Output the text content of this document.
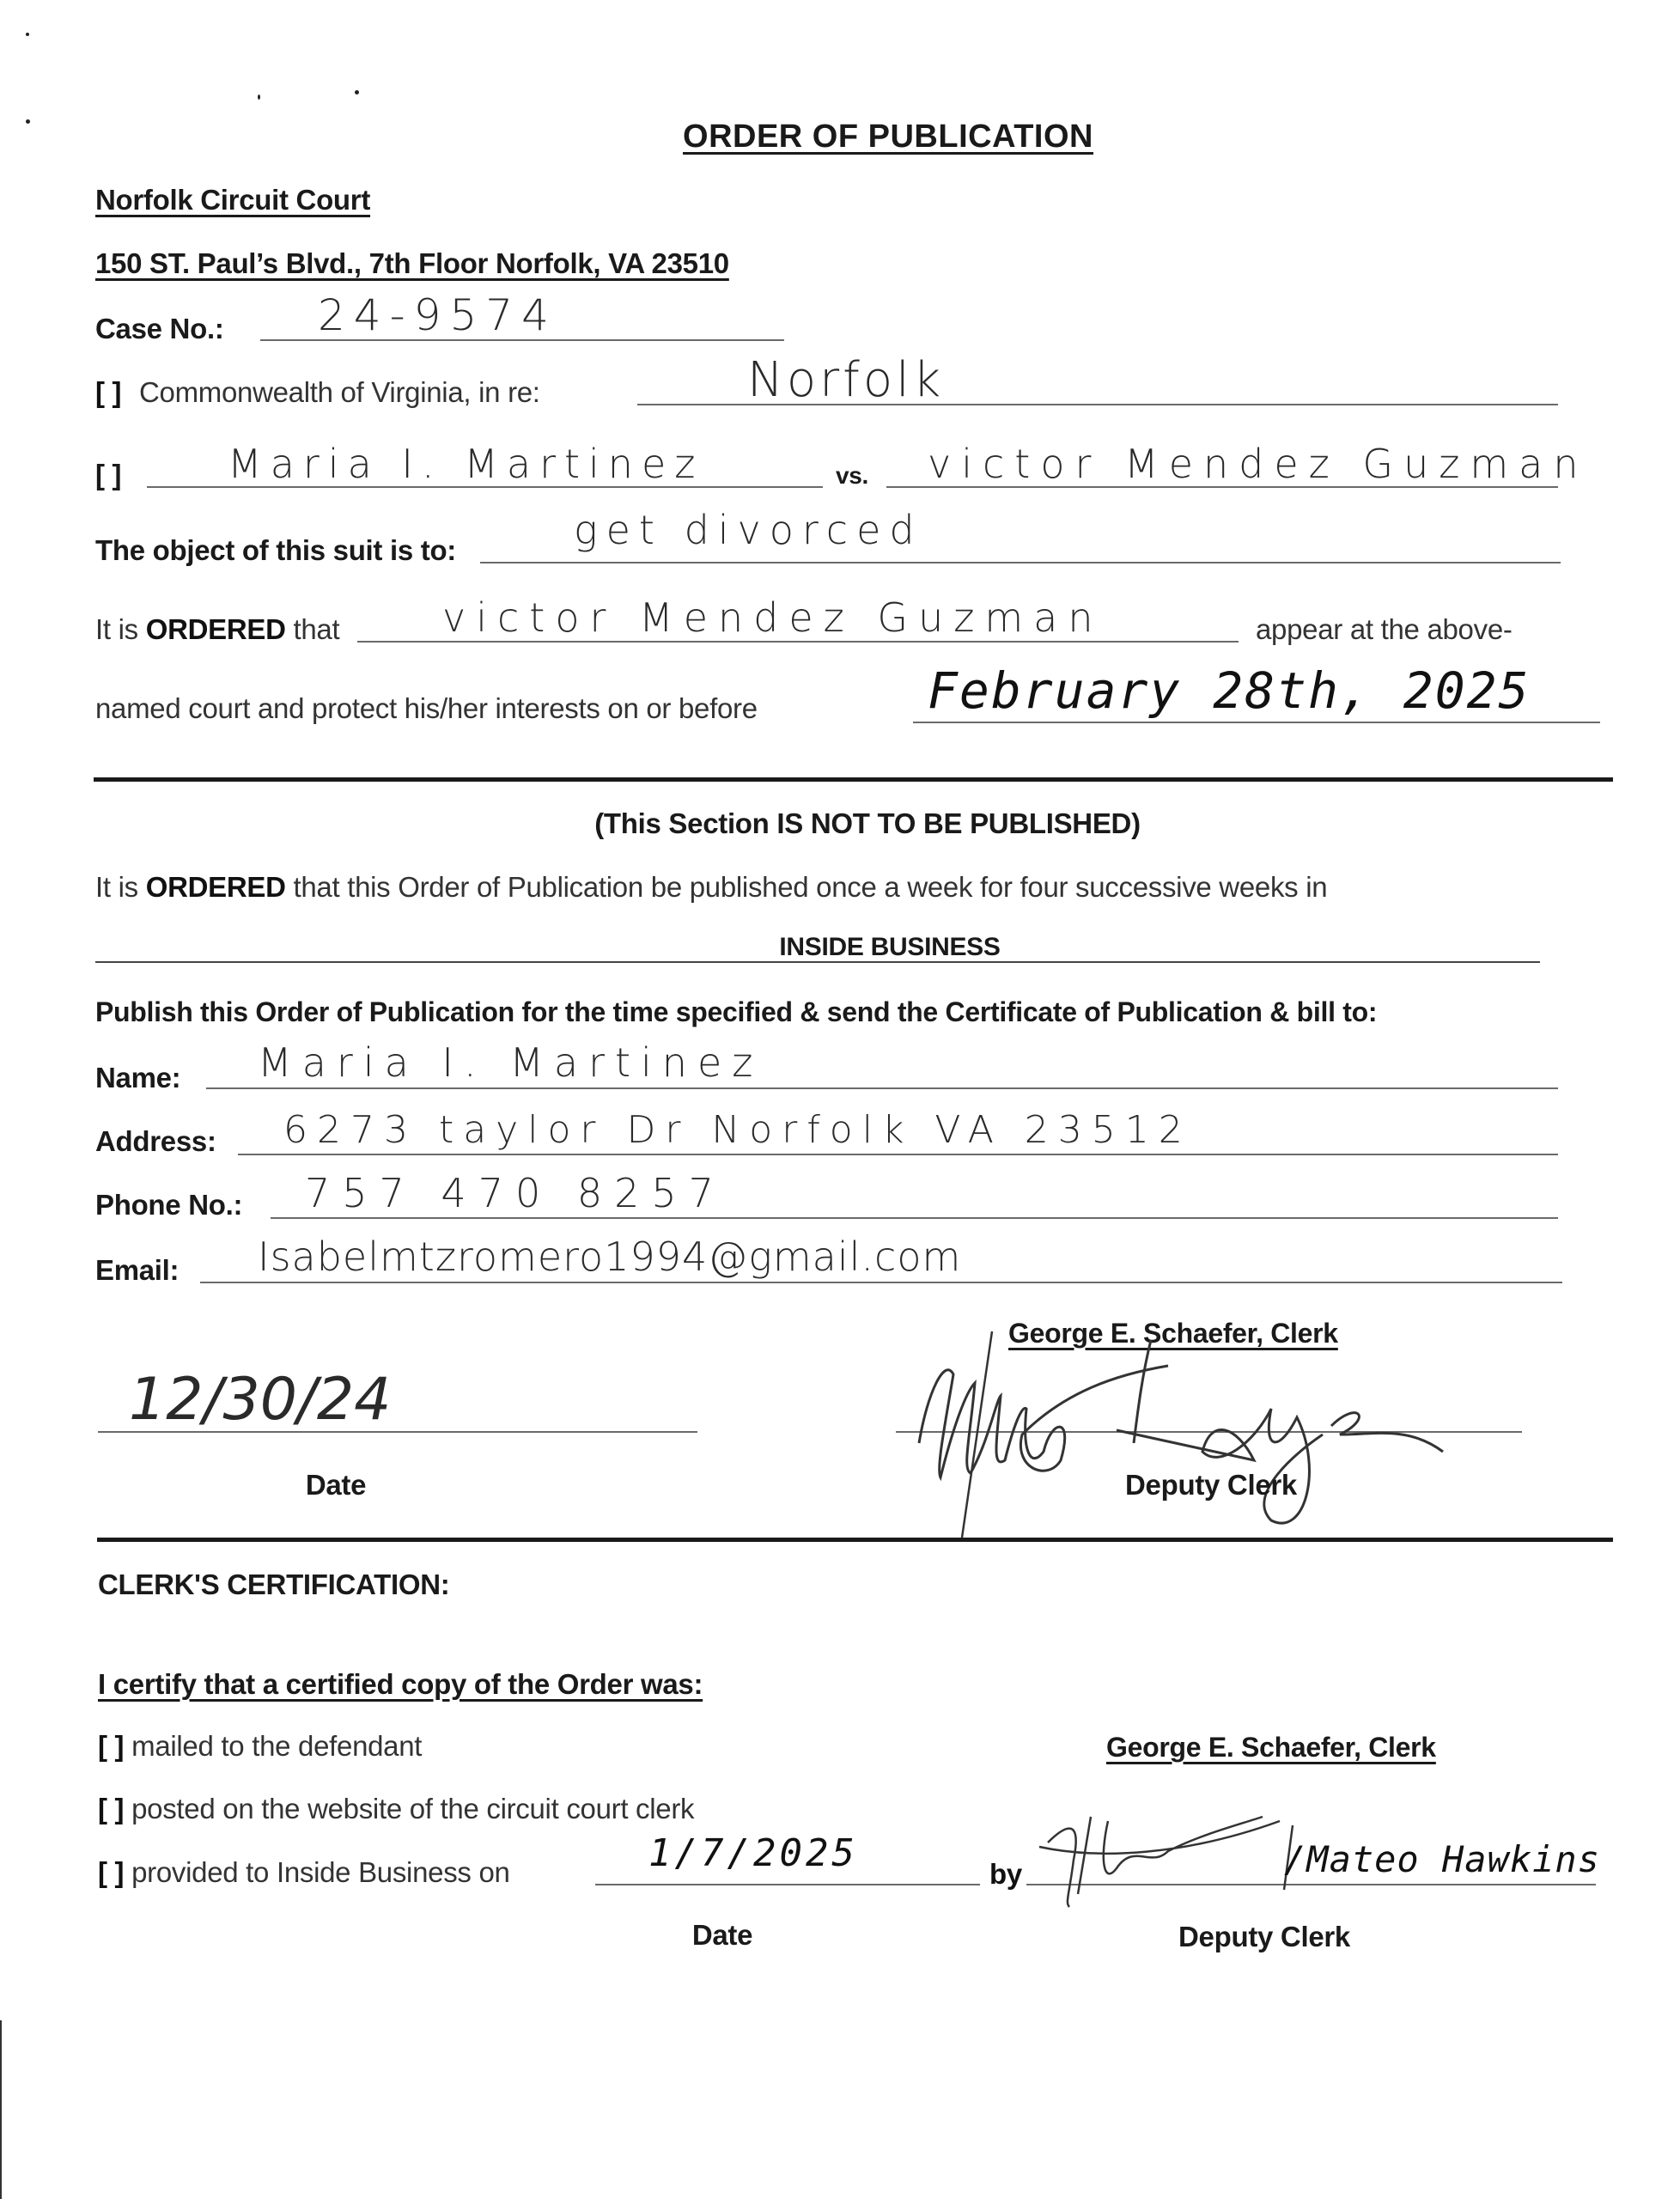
ORDER OF PUBLICATION
Norfolk Circuit Court
150 ST. Paul’s Blvd., 7th Floor Norfolk, VA 23510
Case No.: 24-9574
[ ] Commonwealth of Virginia, in re:	Norfolk
[ ]	Maria I. Martinez	vs. victor Mendez Guzman
The object of this suit is to:	get divorced
It is ORDERED that	victor Mendez Guzman	appear at the above-
named court and protect his/her interests on or before	February 28th, 2025
(This Section IS NOT TO BE PUBLISHED)
It is ORDERED that this Order of Publication be published once a week for four successive weeks in
INSIDE BUSINESS
Publish this Order of Publication for the time specified & send the Certificate of Publication & bill to:
Name: Maria I. Martinez
Address: 6273 taylor Dr Norfolk VA 23512
Phone No.: 757 470 8257
Email: Isabelmtzromero1994@gmail.com
George E. Schaefer, Clerk
12/30/24
Date	Deputy Clerk
CLERK'S CERTIFICATION:
I certify that a certified copy of the Order was:
[ ] mailed to the defendant	George E. Schaefer, Clerk
[ ] posted on the website of the circuit court clerk
[ ] provided to Inside Business on	1/7/2025	by	/Mateo Hawkins
Date	Deputy Clerk
